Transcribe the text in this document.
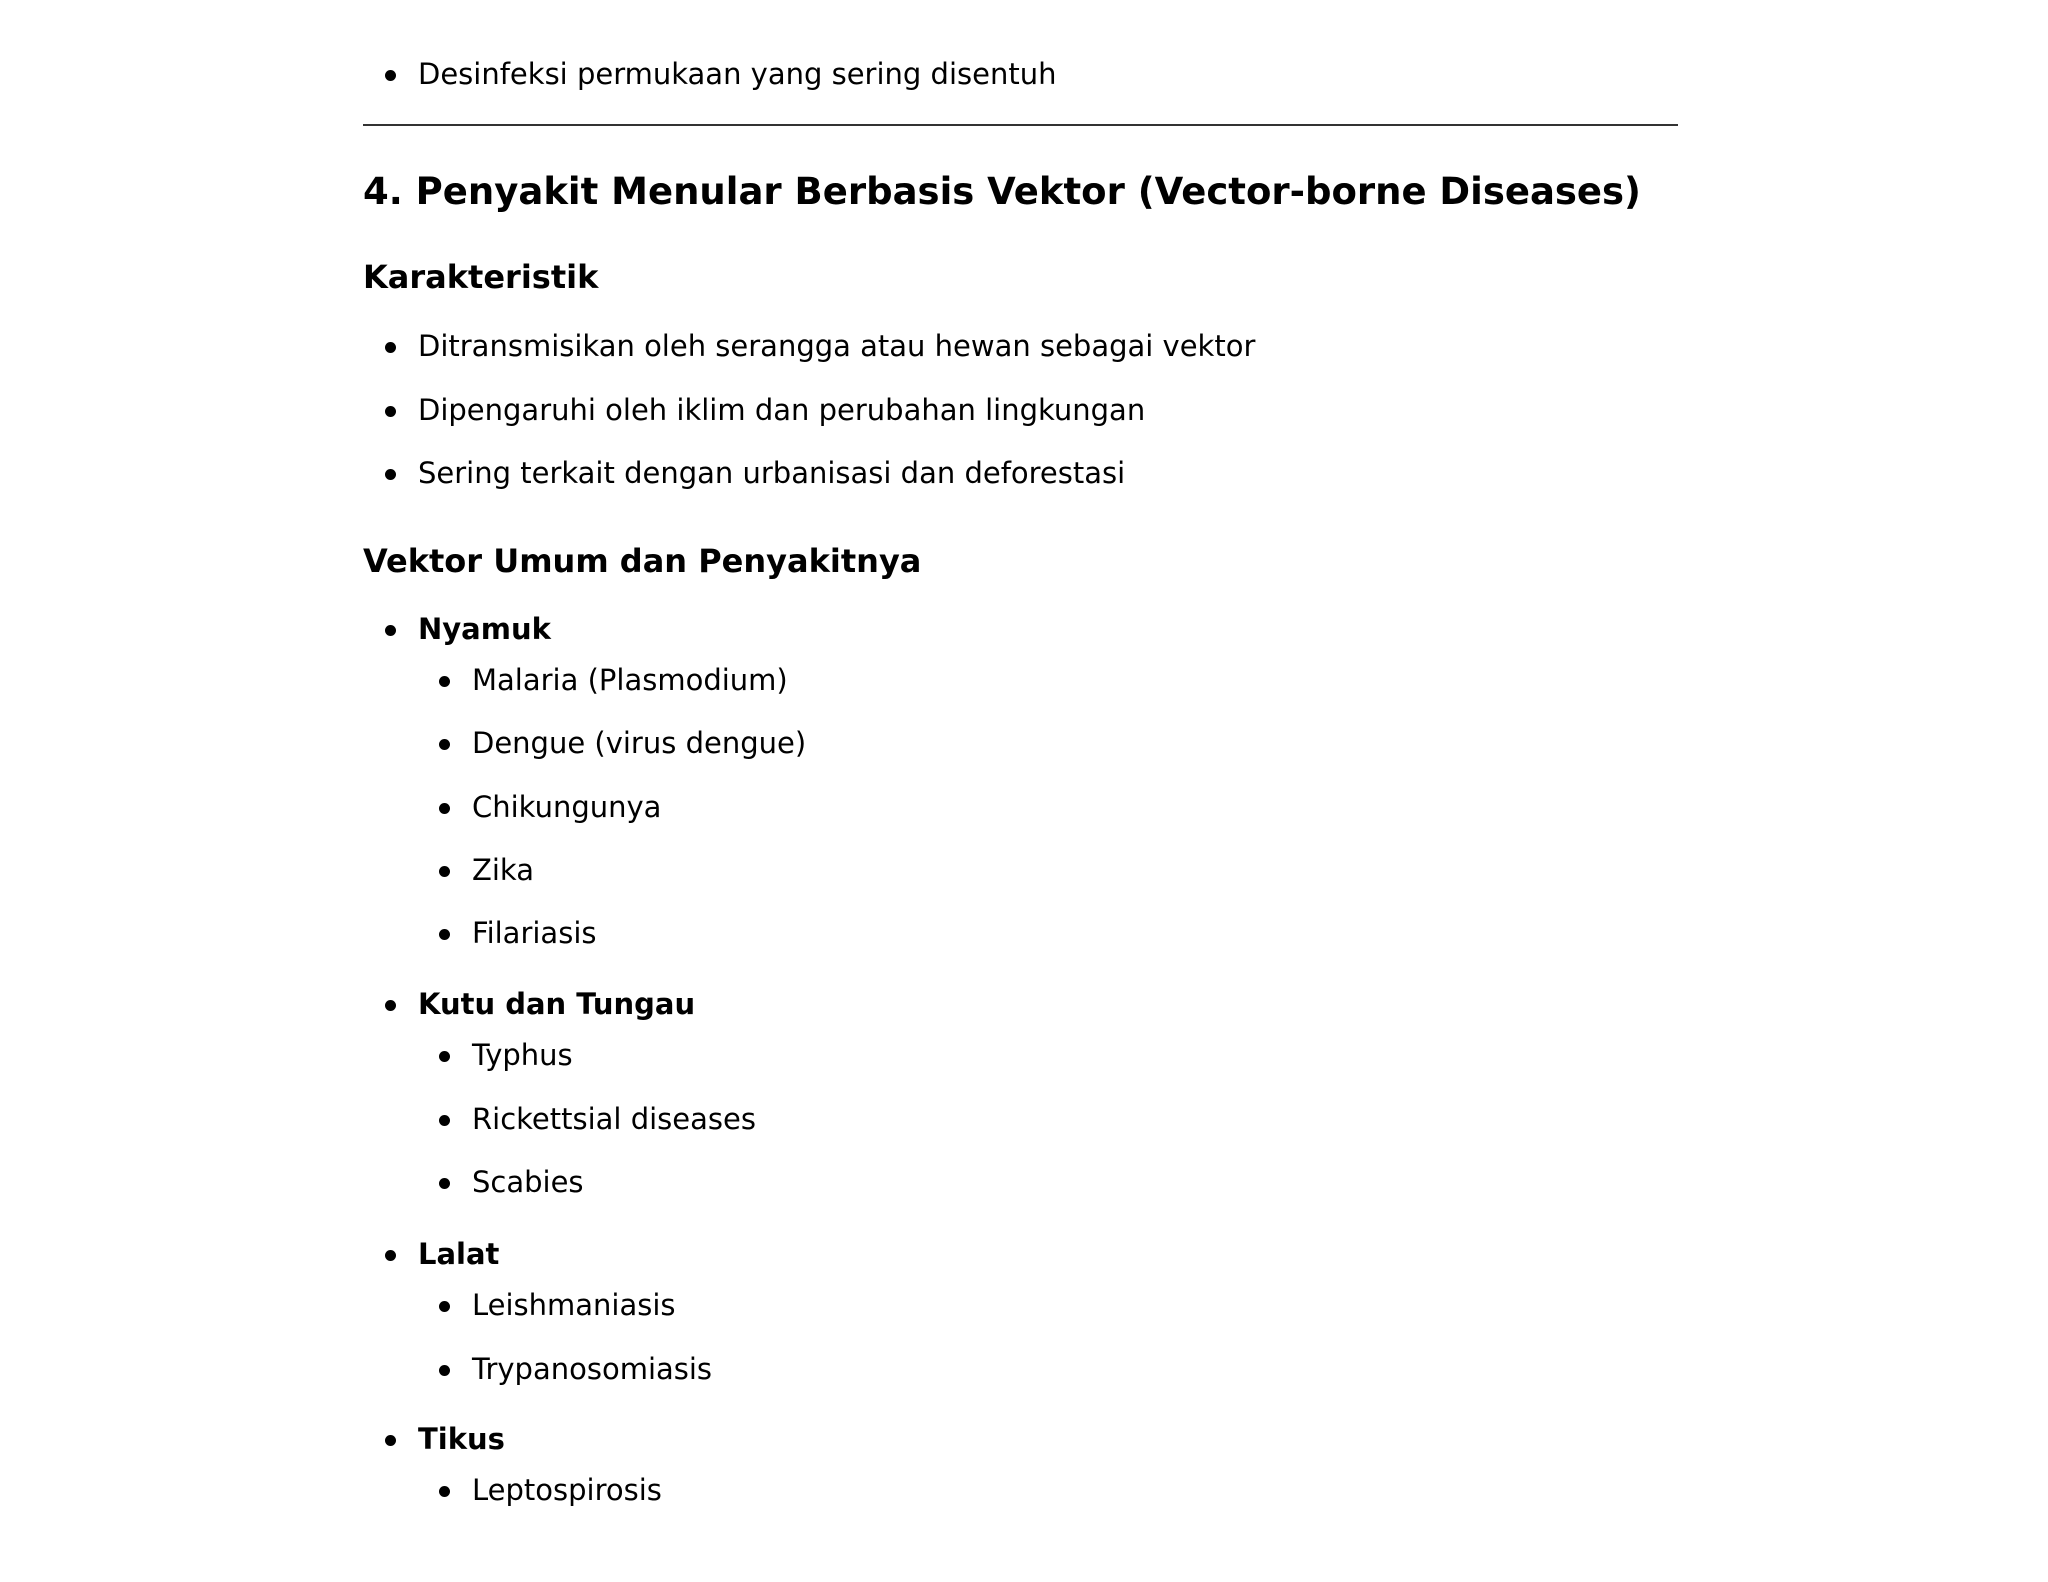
Desinfeksi permukaan yang sering disentuh
4. Penyakit Menular Berbasis Vektor (Vector-borne Diseases)
Karakteristik
Ditransmisikan oleh serangga atau hewan sebagai vektor
Dipengaruhi oleh iklim dan perubahan lingkungan
Sering terkait dengan urbanisasi dan deforestasi
Vektor Umum dan Penyakitnya
Nyamuk
Malaria (Plasmodium)
Dengue (virus dengue)
Chikungunya
Zika
Filariasis
Kutu dan Tungau
Typhus
Rickettsial diseases
Scabies
Lalat
Leishmaniasis
Trypanosomiasis
Tikus
Leptospirosis
